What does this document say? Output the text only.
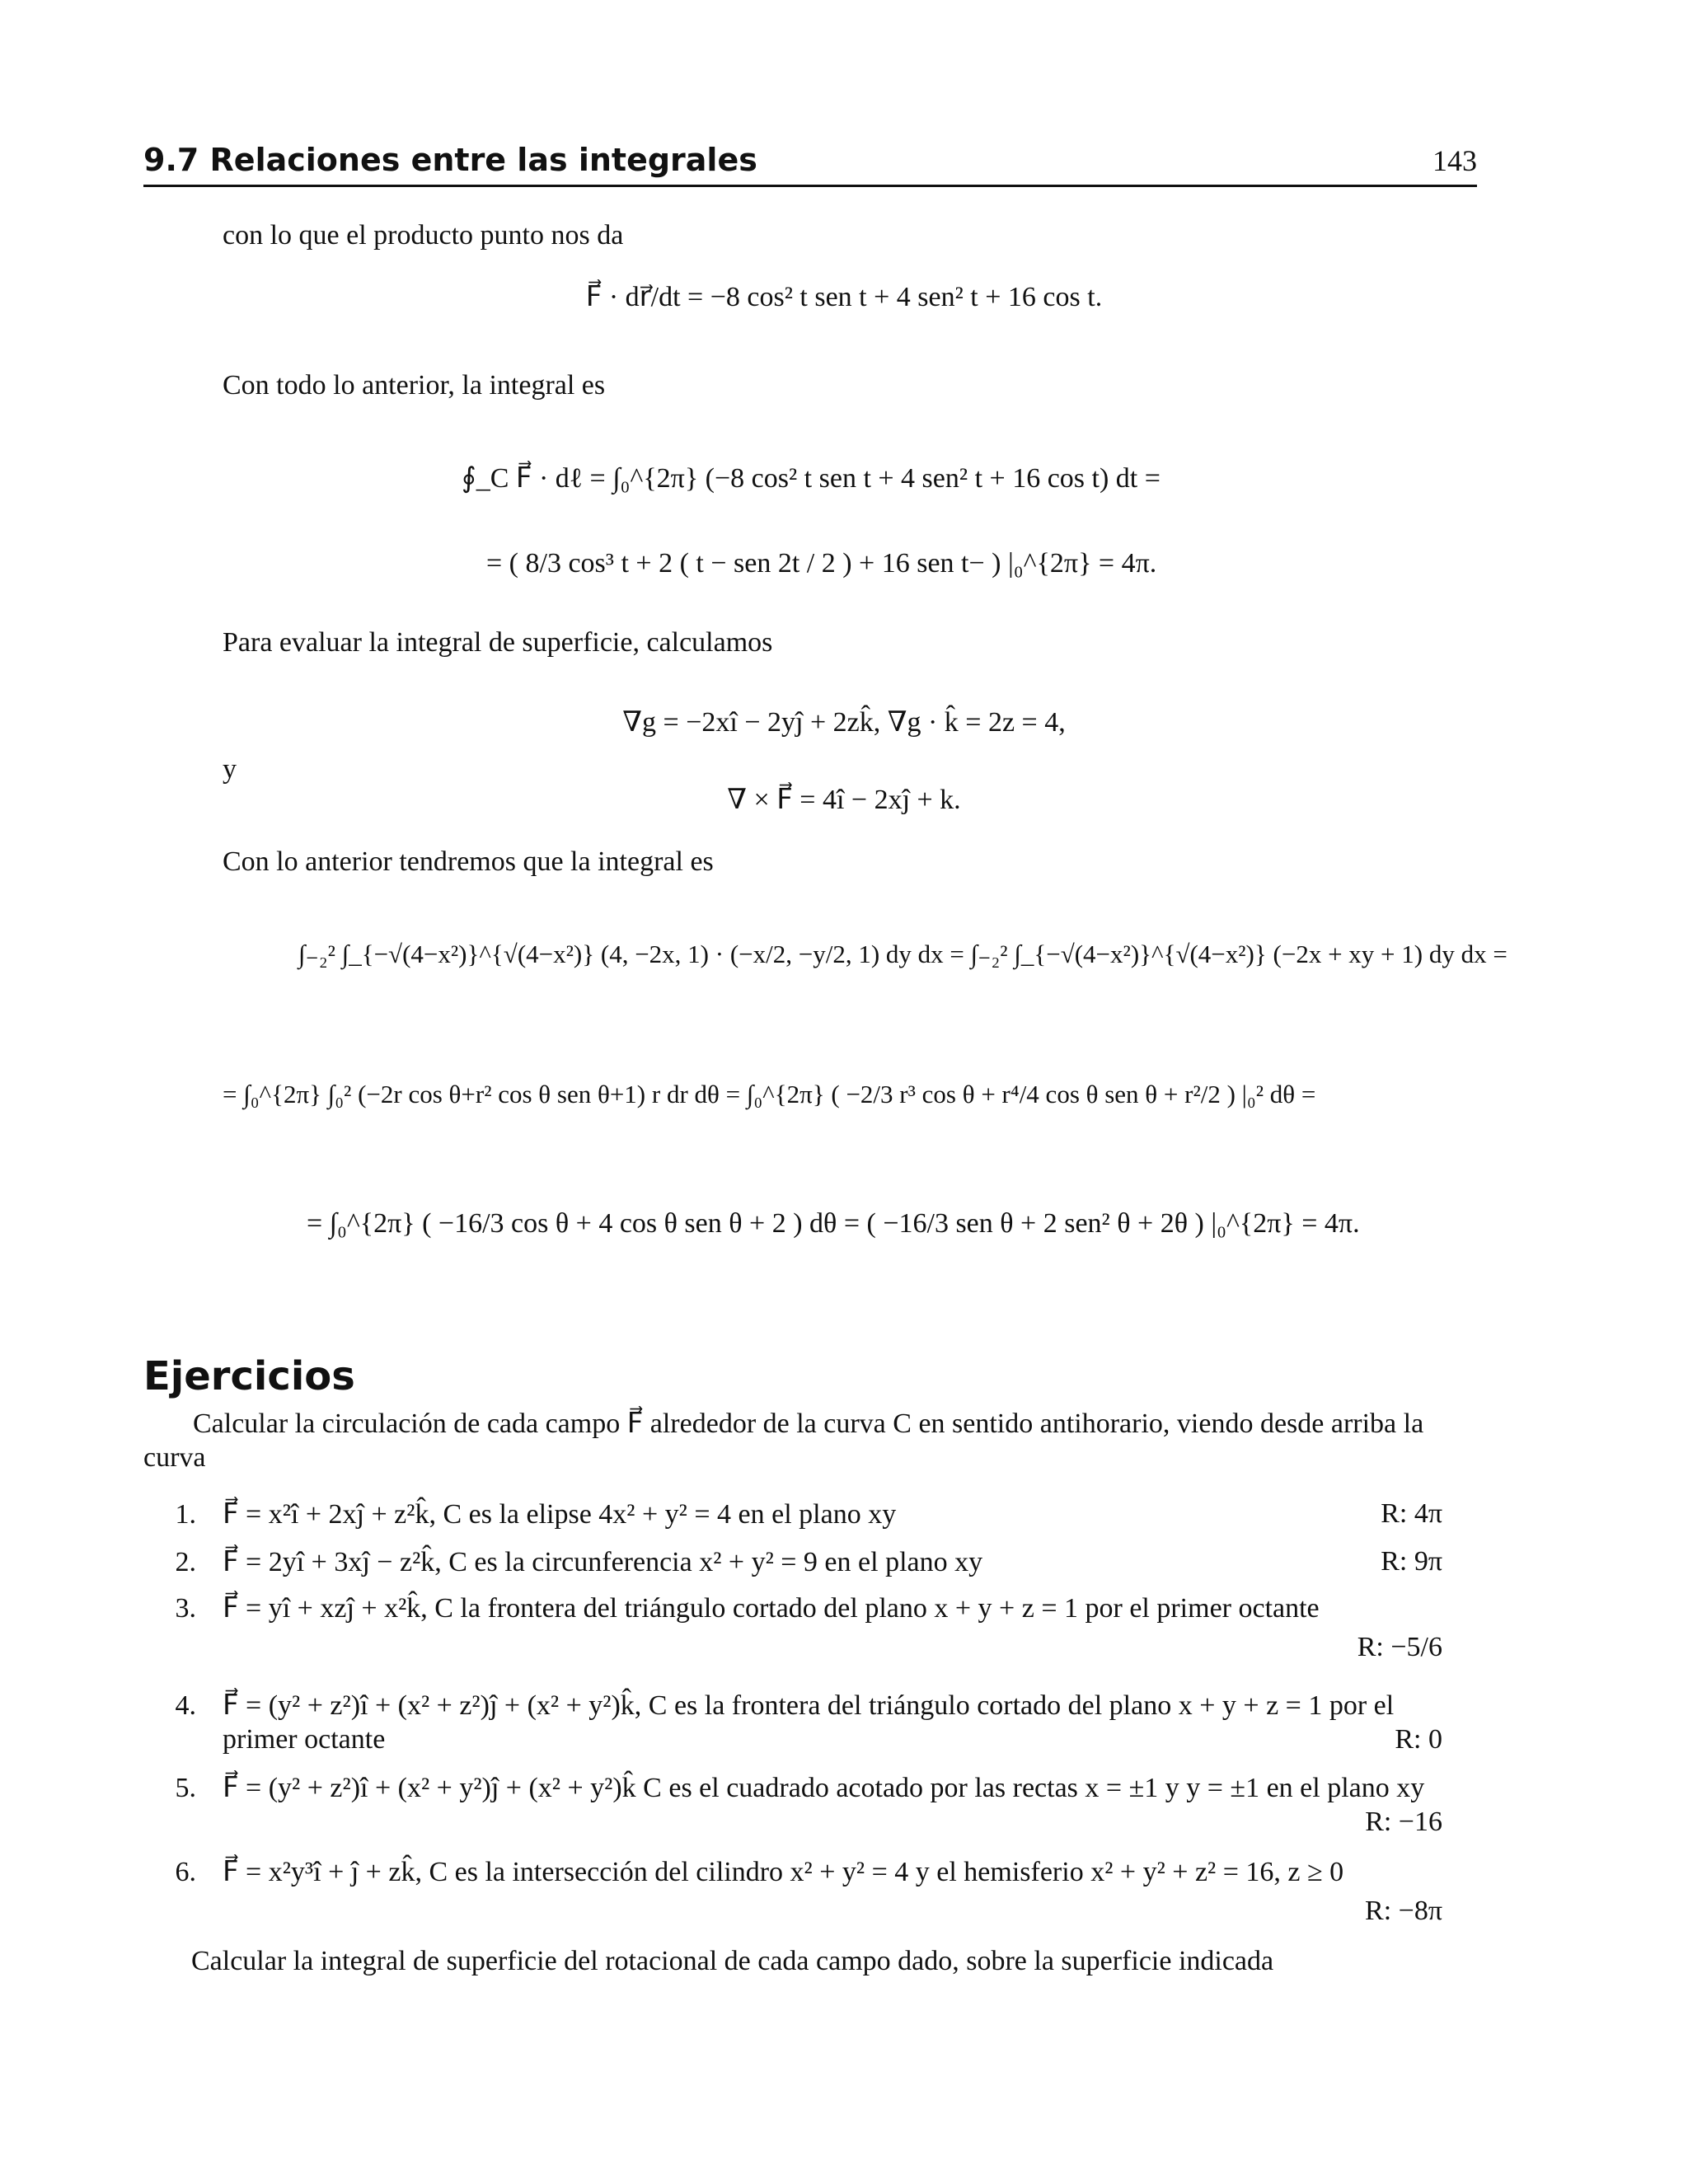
9.7 Relaciones entre las integrales	143
con lo que el producto punto nos da
F⃗ · dr⃗/dt = −8 cos² t sen t + 4 sen² t + 16 cos t.
Con todo lo anterior, la integral es
∮_C F⃗ · dℓ = ∫₀^{2π} (−8 cos² t sen t + 4 sen² t + 16 cos t) dt =
= ( 8/3 cos³ t + 2 ( t − sen 2t / 2 ) + 16 sen t− ) |₀^{2π} = 4π.
Para evaluar la integral de superficie, calculamos
∇g = −2xî − 2yĵ + 2zk̂, ∇g · k̂ = 2z = 4,
y
∇ × F⃗ = 4î − 2xĵ + k.
Con lo anterior tendremos que la integral es
∫₋₂² ∫_{−√(4−x²)}^{√(4−x²)} (4, −2x, 1) · (−x/2, −y/2, 1) dy dx = ∫₋₂² ∫_{−√(4−x²)}^{√(4−x²)} (−2x + xy + 1) dy dx =
= ∫₀^{2π} ∫₀² (−2r cos θ+r² cos θ sen θ+1) r dr dθ = ∫₀^{2π} ( −2/3 r³ cos θ + r⁴/4 cos θ sen θ + r²/2 ) |₀² dθ =
= ∫₀^{2π} ( −16/3 cos θ + 4 cos θ sen θ + 2 ) dθ = ( −16/3 sen θ + 2 sen² θ + 2θ ) |₀^{2π} = 4π.
Ejercicios
Calcular la circulación de cada campo F⃗ alrededor de la curva C en sentido antihorario, viendo desde arriba la curva
1. F⃗ = x²î + 2xĵ + z²k̂, C es la elipse 4x² + y² = 4 en el plano xy	R: 4π
2. F⃗ = 2yî + 3xĵ − z²k̂, C es la circunferencia x² + y² = 9 en el plano xy	R: 9π
3. F⃗ = yî + xzĵ + x²k̂, C la frontera del triángulo cortado del plano x + y + z = 1 por el primer octante
R: −5/6
4. F⃗ = (y² + z²)î + (x² + z²)ĵ + (x² + y²)k̂, C es la frontera del triángulo cortado del plano x + y + z = 1 por el primer octante	R: 0
5. F⃗ = (y² + z²)î + (x² + y²)ĵ + (x² + y²)k̂ C es el cuadrado acotado por las rectas x = ±1 y y = ±1 en el plano xy
R: −16
6. F⃗ = x²y³î + ĵ + zk̂, C es la intersección del cilindro x² + y² = 4 y el hemisferio x² + y² + z² = 16, z ≥ 0
R: −8π
Calcular la integral de superficie del rotacional de cada campo dado, sobre la superficie indicada
